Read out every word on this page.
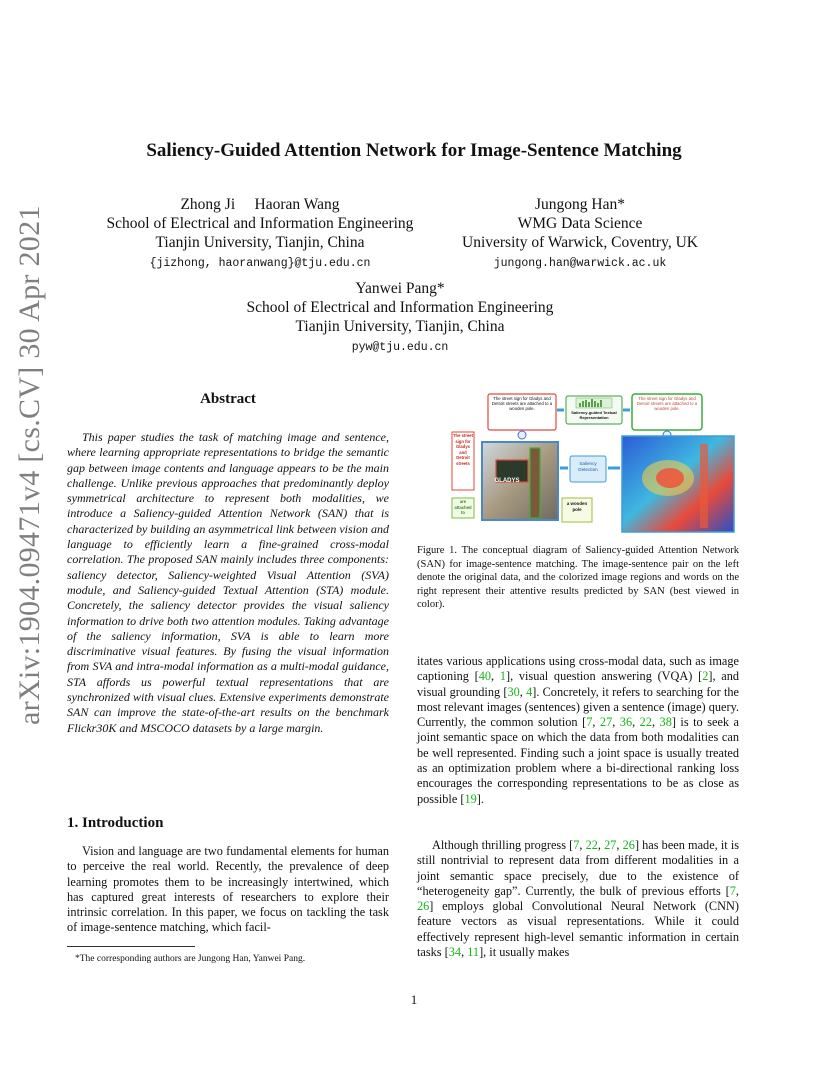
arXiv:1904.09471v4 [cs.CV] 30 Apr 2021
Saliency-Guided Attention Network for Image-Sentence Matching
Zhong Ji     Haoran Wang
School of Electrical and Information Engineering
Tianjin University, Tianjin, China
{jizhong, haoranwang}@tju.edu.cn
Jungong Han*
WMG Data Science
University of Warwick, Coventry, UK
jungong.han@warwick.ac.uk
Yanwei Pang*
School of Electrical and Information Engineering
Tianjin University, Tianjin, China
pyw@tju.edu.cn
Abstract
This paper studies the task of matching image and sentence, where learning appropriate representations to bridge the semantic gap between image contents and language appears to be the main challenge. Unlike previous approaches that predominantly deploy symmetrical architecture to represent both modalities, we introduce a Saliency-guided Attention Network (SAN) that is characterized by building an asymmetrical link between vision and language to efficiently learn a fine-grained cross-modal correlation. The proposed SAN mainly includes three components: saliency detector, Saliency-weighted Visual Attention (SVA) module, and Saliency-guided Textual Attention (STA) module. Concretely, the saliency detector provides the visual saliency information to drive both two attention modules. Taking advantage of the saliency information, SVA is able to learn more discriminative visual features. By fusing the visual information from SVA and intra-modal information as a multi-modal guidance, STA affords us powerful textual representations that are synchronized with visual clues. Extensive experiments demonstrate SAN can improve the state-of-the-art results on the benchmark Flickr30K and MSCOCO datasets by a large margin.
1. Introduction
Vision and language are two fundamental elements for human to perceive the real world. Recently, the prevalence of deep learning promotes them to be increasingly intertwined, which has captured great interests of researchers to explore their intrinsic correlation. In this paper, we focus on tackling the task of image-sentence matching, which facil-
*The corresponding authors are Jungong Han, Yanwei Pang.
The street sign for Gladys and Detroit streets are attached to a wooden pole.
The street sign for Gladys and Detroit streets are attached to a wooden pole.
Saliency-guided Textual Representation
Saliency Detection
The street sign for Gladys and Detroit streets
are attached to
a wooden pole
GLADYS
Figure 1. The conceptual diagram of Saliency-guided Attention Network (SAN) for image-sentence matching. The image-sentence pair on the left denote the original data, and the colorized image regions and words on the right represent their attentive results predicted by SAN (best viewed in color).
itates various applications using cross-modal data, such as image captioning [40, 1], visual question answering (VQA) [2], and visual grounding [30, 4]. Concretely, it refers to searching for the most relevant images (sentences) given a sentence (image) query. Currently, the common solution [7, 27, 36, 22, 38] is to seek a joint semantic space on which the data from both modalities can be well represented. Finding such a joint space is usually treated as an optimization problem where a bi-directional ranking loss encourages the corresponding representations to be as close as possible [19].
Although thrilling progress [7, 22, 27, 26] has been made, it is still nontrivial to represent data from different modalities in a joint semantic space precisely, due to the existence of “heterogeneity gap”. Currently, the bulk of previous efforts [7, 26] employs global Convolutional Neural Network (CNN) feature vectors as visual representations. While it could effectively represent high-level semantic information in certain tasks [34, 11], it usually makes
1
